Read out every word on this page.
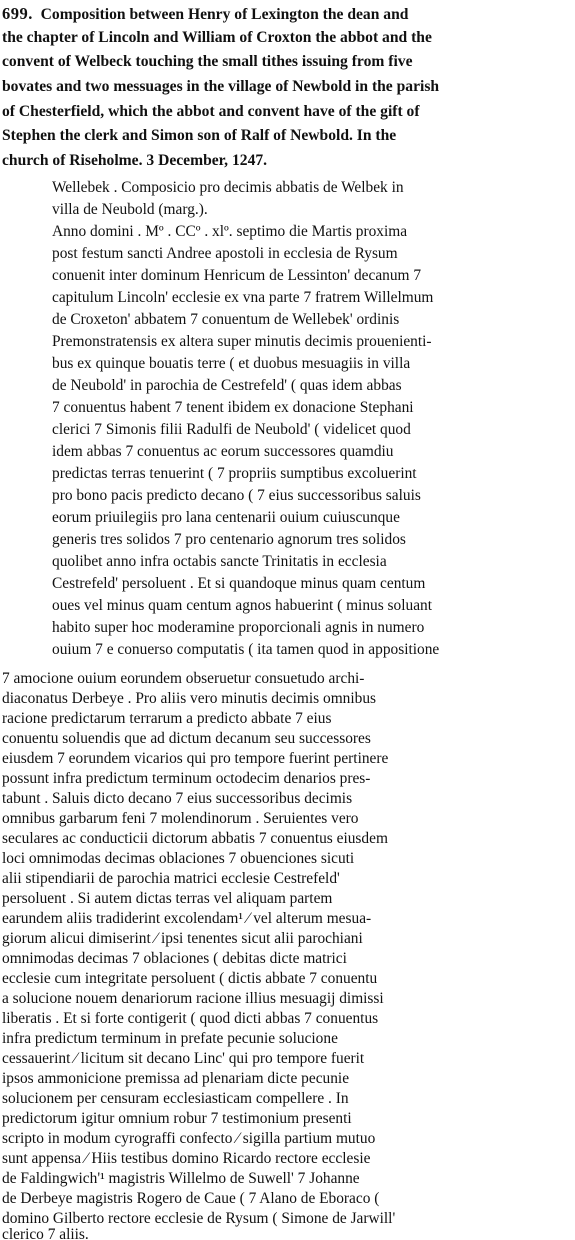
699.  Composition between Henry of Lexington the dean and
the chapter of Lincoln and William of Croxton the abbot and the
convent of Welbeck touching the small tithes issuing from five
bovates and two messuages in the village of Newbold in the parish
of Chesterfield, which the abbot and convent have of the gift of
Stephen the clerk and Simon son of Ralf of Newbold. In the
church of Riseholme. 3 December, 1247.
Wellebek . Composicio pro decimis abbatis de Welbek in
villa de Neubold (marg.).
Anno domini . Mº . CCº . xlº. septimo die Martis proxima
post festum sancti Andree apostoli in ecclesia de Rysum
conuenit inter dominum Henricum de Lessinton' decanum 7
capitulum Lincoln' ecclesie ex vna parte 7 fratrem Willelmum
de Croxeton' abbatem 7 conuentum de Wellebek' ordinis
Premonstratensis ex altera super minutis decimis prouenienti-
bus ex quinque bouatis terre ( et duobus mesuagiis in villa
de Neubold' in parochia de Cestrefeld' ( quas idem abbas
7 conuentus habent 7 tenent ibidem ex donacione Stephani
clerici 7 Simonis filii Radulfi de Neubold' ( videlicet quod
idem abbas 7 conuentus ac eorum successores quamdiu
predictas terras tenuerint ( 7 propriis sumptibus excoluerint
pro bono pacis predicto decano ( 7 eius successoribus saluis
eorum priuilegiis pro lana centenarii ouium cuiuscunque
generis tres solidos 7 pro centenario agnorum tres solidos
quolibet anno infra octabis sancte Trinitatis in ecclesia
Cestrefeld' persoluent . Et si quandoque minus quam centum
oues vel minus quam centum agnos habuerint ( minus soluant
habito super hoc moderamine proporcionali agnis in numero
ouium 7 e conuerso computatis ( ita tamen quod in appositione
7 amocione ouium eorundem obseruetur consuetudo archi-
diaconatus Derbeye . Pro aliis vero minutis decimis omnibus
racione predictarum terrarum a predicto abbate 7 eius
conuentu soluendis que ad dictum decanum seu successores
eiusdem 7 eorundem vicarios qui pro tempore fuerint pertinere
possunt infra predictum terminum octodecim denarios pres-
tabunt . Saluis dicto decano 7 eius successoribus decimis
omnibus garbarum feni 7 molendinorum . Seruientes vero
seculares ac conducticii dictorum abbatis 7 conuentus eiusdem
loci omnimodas decimas oblaciones 7 obuenciones sicuti
alii stipendiarii de parochia matrici ecclesie Cestrefeld'
persoluent . Si autem dictas terras vel aliquam partem
earundem aliis tradiderint excolendam¹ ⁄ vel alterum mesua-
giorum alicui dimiserint ⁄ ipsi tenentes sicut alii parochiani
omnimodas decimas 7 oblaciones ( debitas dicte matrici
ecclesie cum integritate persoluent ( dictis abbate 7 conuentu
a solucione nouem denariorum racione illius mesuagij dimissi
liberatis . Et si forte contigerit ( quod dicti abbas 7 conuentus
infra predictum terminum in prefate pecunie solucione
cessauerint ⁄ licitum sit decano Linc' qui pro tempore fuerit
ipsos ammonicione premissa ad plenariam dicte pecunie
solucionem per censuram ecclesiasticam compellere . In
predictorum igitur omnium robur 7 testimonium presenti
scripto in modum cyrograffi confecto ⁄ sigilla partium mutuo
sunt appensa ⁄ Hiis testibus domino Ricardo rectore ecclesie
de Faldingwich'¹ magistris Willelmo de Suwell' 7 Johanne
de Derbeye magistris Rogero de Caue ( 7 Alano de Eboraco (
domino Gilberto rectore ecclesie de Rysum ( Simone de Jarwill'
clerico 7 aliis.
